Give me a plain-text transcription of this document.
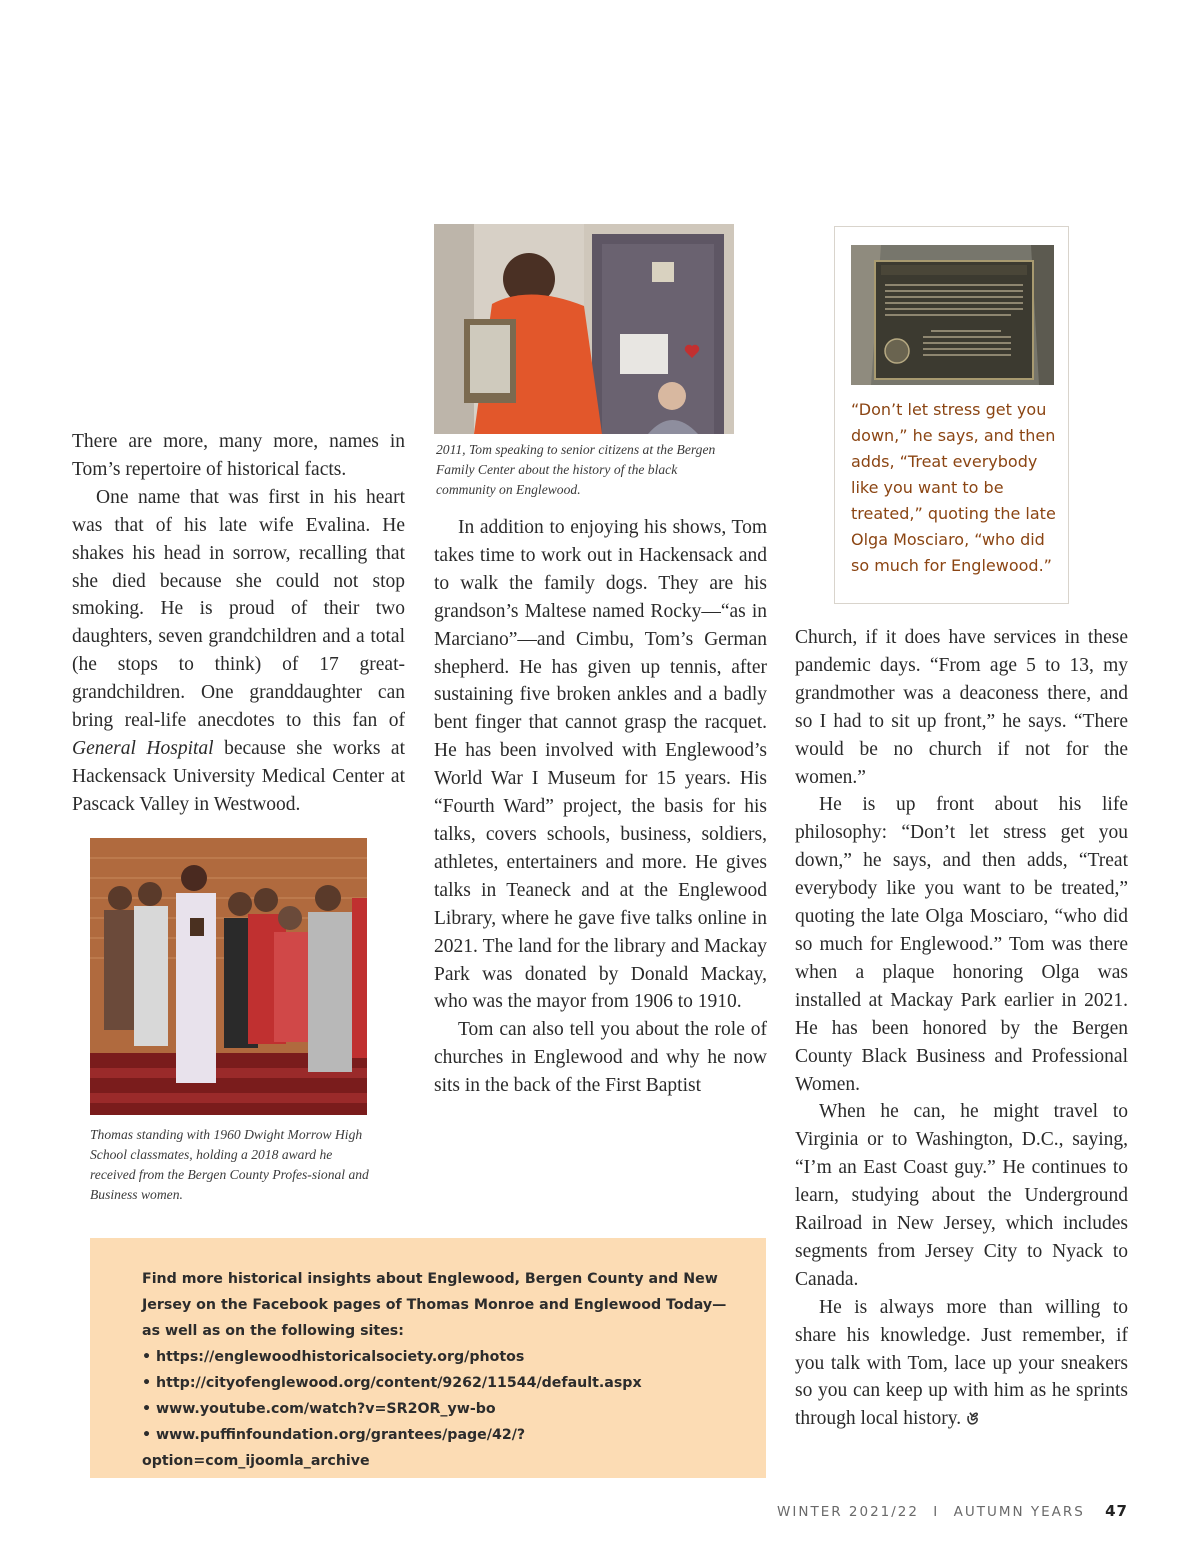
There are more, many more, names in Tom’s repertoire of historical facts.

One name that was first in his heart was that of his late wife Evalina. He shakes his head in sorrow, recalling that she died because she could not stop smoking. He is proud of their two daughters, seven grandchildren and a total (he stops to think) of 17 great-grandchildren. One granddaughter can bring real-life anecdotes to this fan of General Hospital because she works at Hackensack University Medical Center at Pascack Valley in Westwood.

2011, Tom speaking to senior citizens at the Bergen Family Center about the history of the black community on Englewood.

In addition to enjoying his shows, Tom takes time to work out in Hackensack and to walk the family dogs. They are his grandson’s Maltese named Rocky—“as in Marciano”—and Cimbu, Tom’s German shepherd. He has given up tennis, after sustaining five broken ankles and a badly bent finger that cannot grasp the racquet. He has been involved with Englewood’s World War I Museum for 15 years. His “Fourth Ward” project, the basis for his talks, covers schools, business, soldiers, athletes, entertainers and more. He gives talks in Teaneck and at the Englewood Library, where he gave five talks online in 2021. The land for the library and Mackay Park was donated by Donald Mackay, who was the mayor from 1906 to 1910.

Tom can also tell you about the role of churches in Englewood and why he now sits in the back of the First Baptist

“Don’t let stress get you down,” he says, and then adds, “Treat everybody like you want to be treated,” quoting the late Olga Mosciaro, “who did so much for Englewood.”

Church, if it does have services in these pandemic days. “From age 5 to 13, my grandmother was a deaconess there, and so I had to sit up front,” he says. “There would be no church if not for the women.”

He is up front about his life philosophy: “Don’t let stress get you down,” he says, and then adds, “Treat everybody like you want to be treated,” quoting the late Olga Mosciaro, “who did so much for Englewood.” Tom was there when a plaque honoring Olga was installed at Mackay Park earlier in 2021. He has been honored by the Bergen County Black Business and Professional Women.

When he can, he might travel to Virginia or to Washington, D.C., saying, “I’m an East Coast guy.” He continues to learn, studying about the Underground Railroad in New Jersey, which includes segments from Jersey City to Nyack to Canada.

He is always more than willing to share his knowledge. Just remember, if you talk with Tom, lace up your sneakers so you can keep up with him as he sprints through local history. ঙ

Thomas standing with 1960 Dwight Morrow High School classmates, holding a 2018 award he received from the Bergen County Profes-sional and Business women.

Find more historical insights about Englewood, Bergen County and New Jersey on the Facebook pages of Thomas Monroe and Englewood Today—as well as on the following sites:
• https://englewoodhistoricalsociety.org/photos
• http://cityofenglewood.org/content/9262/11544/default.aspx
• www.youtube.com/watch?v=SR2OR_yw-bo
• www.puffinfoundation.org/grantees/page/42/?option=com_ijoomla_archive
WINTER 2021/22 I AUTUMN YEARS 47
